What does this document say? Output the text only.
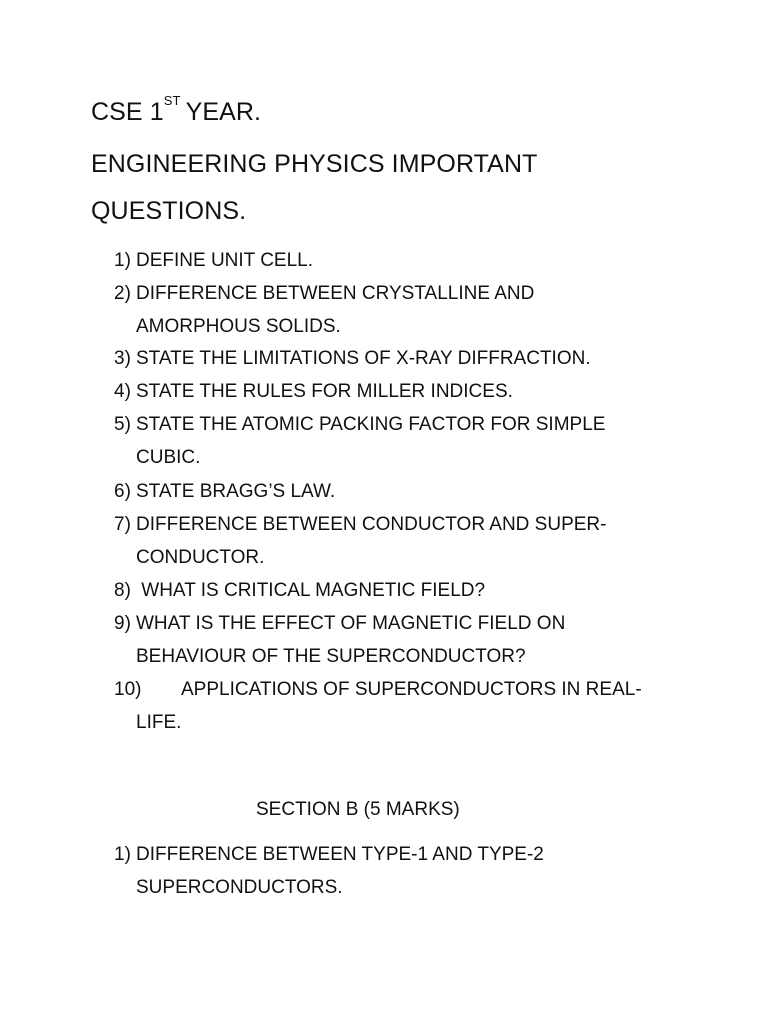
CSE 1ST YEAR.
ENGINEERING PHYSICS IMPORTANT
QUESTIONS.
1) DEFINE UNIT CELL.
2) DIFFERENCE BETWEEN CRYSTALLINE AND
AMORPHOUS SOLIDS.
3) STATE THE LIMITATIONS OF X-RAY DIFFRACTION.
4) STATE THE RULES FOR MILLER INDICES.
5) STATE THE ATOMIC PACKING FACTOR FOR SIMPLE
CUBIC.
6) STATE BRAGG’S LAW.
7) DIFFERENCE BETWEEN CONDUCTOR AND SUPER-
CONDUCTOR.
8) WHAT IS CRITICAL MAGNETIC FIELD?
9) WHAT IS THE EFFECT OF MAGNETIC FIELD ON
BEHAVIOUR OF THE SUPERCONDUCTOR?
10) APPLICATIONS OF SUPERCONDUCTORS IN REAL-
LIFE.
SECTION B (5 MARKS)
1) DIFFERENCE BETWEEN TYPE-1 AND TYPE-2
SUPERCONDUCTORS.
